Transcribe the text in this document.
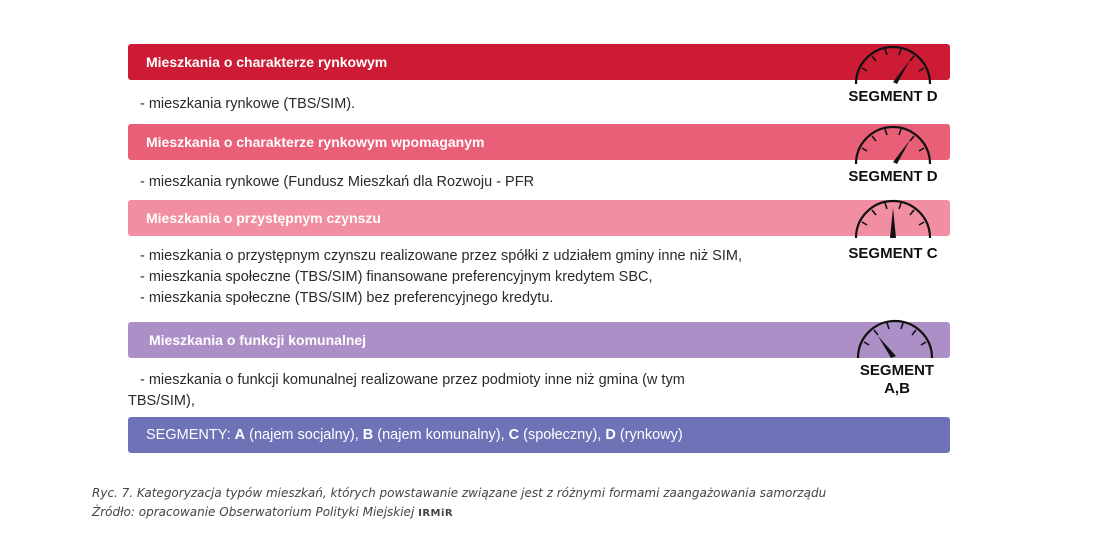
Mieszkania o charakterze rynkowym
- mieszkania rynkowe (TBS/SIM).	SEGMENT D
Mieszkania o charakterze rynkowym wpomaganym
- mieszkania rynkowe (Fundusz Mieszkań dla Rozwoju - PFR	SEGMENT D
Mieszkania o przystępnym czynszu
- mieszkania o przystępnym czynszu realizowane przez spółki z udziałem gminy inne niż SIM,
- mieszkania społeczne (TBS/SIM) finansowane preferencyjnym kredytem SBC,
- mieszkania społeczne (TBS/SIM) bez preferencyjnego kredytu.
SEGMENT C
Mieszkania o funkcji komunalnej
- mieszkania o funkcji komunalnej realizowane przez podmioty inne niż gmina (w tym
TBS/SIM),
SEGMENT
A,B
SEGMENTY: A (najem socjalny), B (najem komunalny), C (społeczny), D (rynkowy)
Ryc. 7. Kategoryzacja typów mieszkań, których powstawanie związane jest z różnymi formami zaangażowania samorządu
Źródło: opracowanie Obserwatorium Polityki Miejskiej IRMiR
